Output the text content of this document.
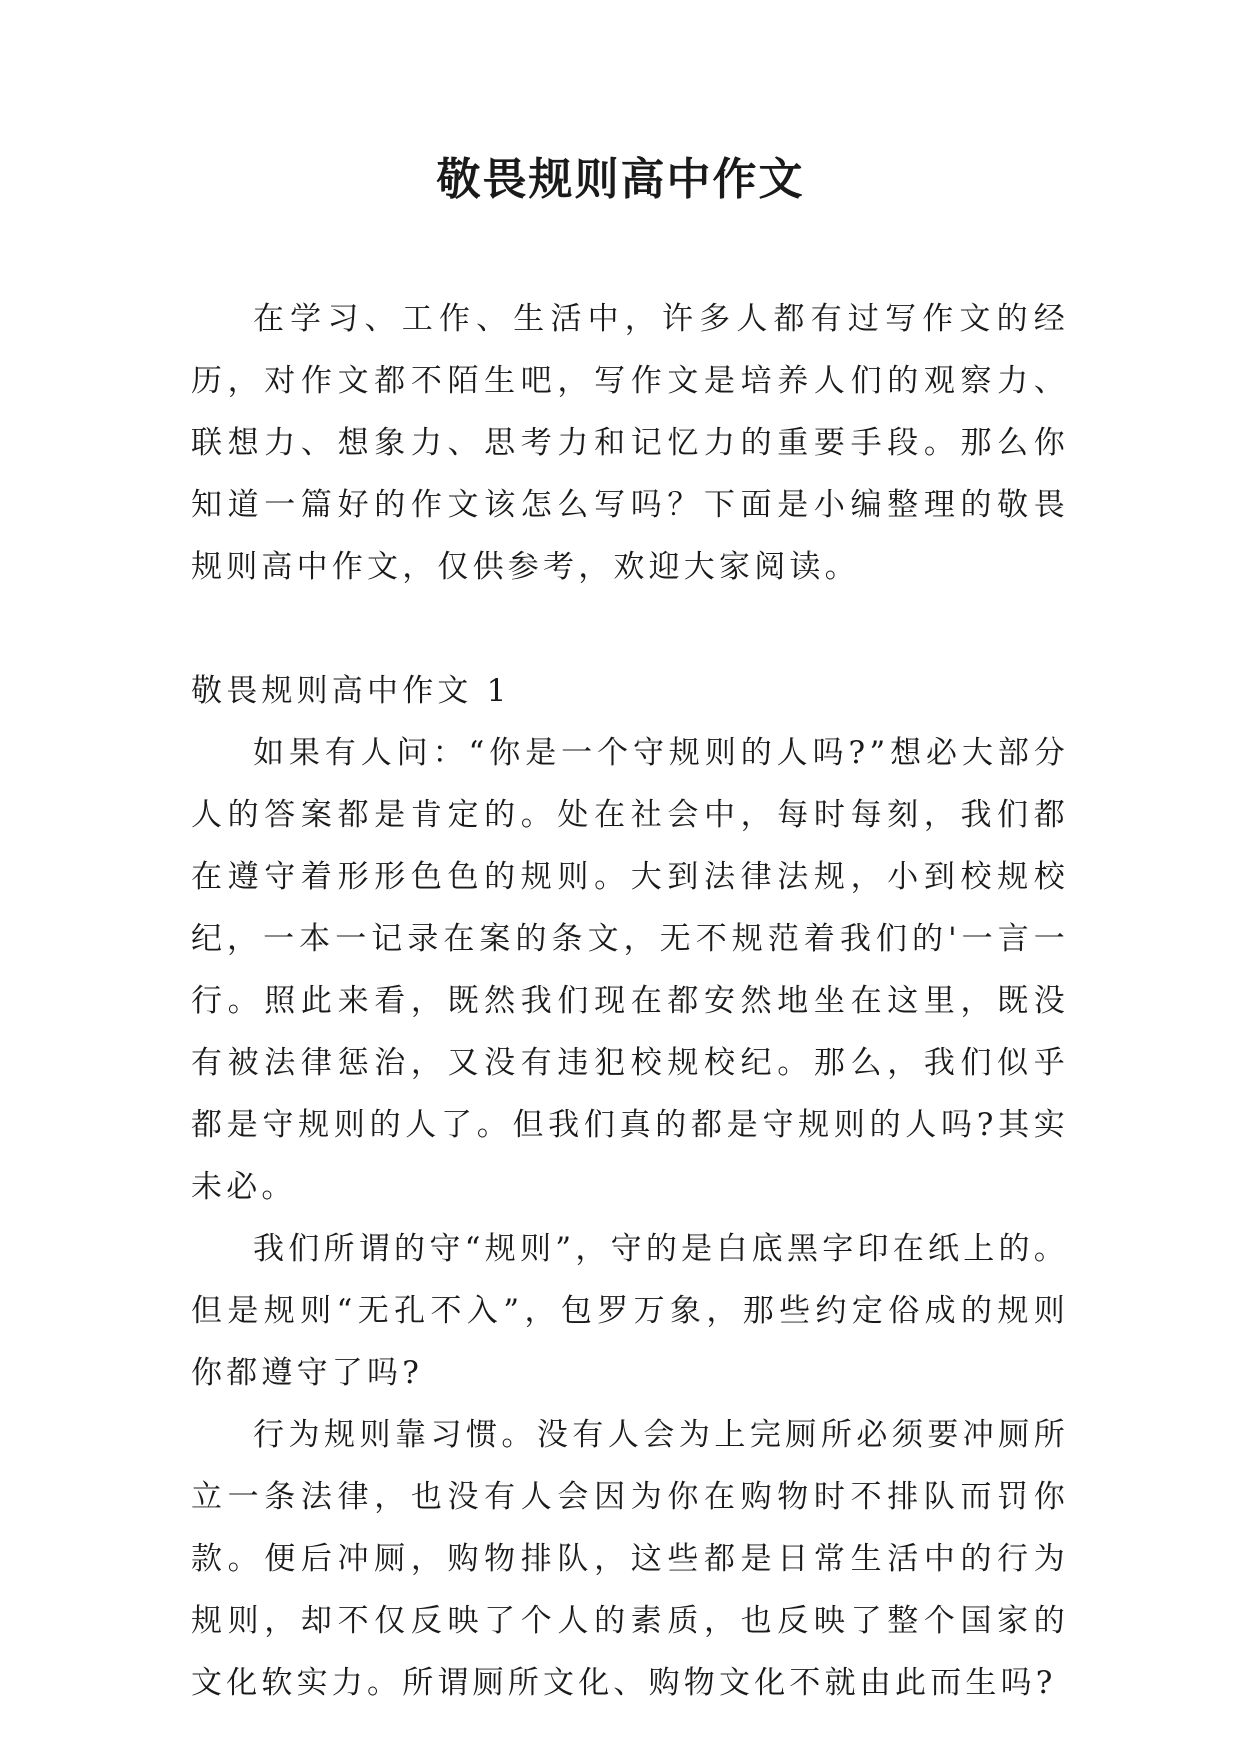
敬畏规则高中作文

在学习、工作、生活中，许多人都有过写作文的经历，对作文都不陌生吧，写作文是培养人们的观察力、联想力、想象力、思考力和记忆力的重要手段。那么你知道一篇好的作文该怎么写吗？下面是小编整理的敬畏规则高中作文，仅供参考，欢迎大家阅读。

敬畏规则高中作文 1

如果有人问：“你是一个守规则的人吗?”想必大部分人的答案都是肯定的。处在社会中，每时每刻，我们都在遵守着形形色色的规则。大到法律法规，小到校规校纪，一本一记录在案的条文，无不规范着我们的'一言一行。照此来看，既然我们现在都安然地坐在这里，既没有被法律惩治，又没有违犯校规校纪。那么，我们似乎都是守规则的人了。但我们真的都是守规则的人吗?其实未必。

我们所谓的守“规则”，守的是白底黑字印在纸上的。但是规则“无孔不入”，包罗万象，那些约定俗成的规则你都遵守了吗?

行为规则靠习惯。没有人会为上完厕所必须要冲厕所立一条法律，也没有人会因为你在购物时不排队而罚你款。便后冲厕，购物排队，这些都是日常生活中的行为规则，却不仅反映了个人的素质，也反映了整个国家的文化软实力。所谓厕所文化、购物文化不就由此而生吗?
